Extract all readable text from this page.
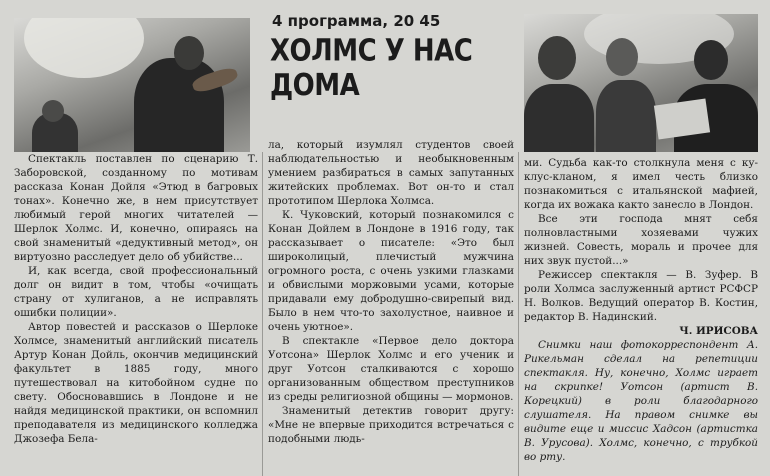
4 программа, 20 45
ХОЛМС У НАС ДОМА

Спектакль поставлен по сценарию Т. Заборовской, созданному по мотивам рассказа Конан Дойля «Этюд в багровых тонах». Конечно же, в нем присутствует любимый герой многих читателей — Шерлок Холмс. И, конечно, опираясь на свой знаменитый «дедуктивный метод», он виртуозно расследует дело об убийстве...

И, как всегда, свой профессиональный долг он видит в том, чтобы «очищать страну от хулиганов, а не исправлять ошибки полиции».

Автор повестей и рассказов о Шерлоке Холмсе, знаменитый английский писатель Артур Конан Дойль, окончив медицинский факультет в 1885 году, много путешествовал на китобойном судне по свету. Обосновавшись в Лондоне и не найдя медицинской практики, он вспомнил преподавателя из медицинского колледжа Джозефа Бела-

ла, который изумлял студентов своей наблюдательностью и необыкновенным умением разбираться в самых запутанных житейских проблемах. Вот он-то и стал прототипом Шерлока Холмса.

К. Чуковский, который познакомился с Конан Дойлем в Лондоне в 1916 году, так рассказывает о писателе: «Это был широколицый, плечистый мужчина огромного роста, с очень узкими глазками и обвислыми моржовыми усами, которые придавали ему добродушно-свирепый вид. Было в нем что-то захолустное, наивное и очень уютное».

В спектакле «Первое дело доктора Уотсона» Шерлок Холмс и его ученик и друг Уотсон сталкиваются с хорошо организованным обществом преступников из среды религиозной общины — мормонов.

Знаменитый детектив говорит другу: «Мне не впервые приходится встречаться с подобными людь-

ми. Судьба как-то столкнула меня с ку-клус-кланом, я имел честь близко познакомиться с итальянской мафией, когда их вожака както занесло в Лондон.

Все эти господа мнят себя полновластными хозяевами чужих жизней. Совесть, мораль и прочее для них звук пустой...»

Режиссер спектакля — В. Зуфер. В роли Холмса заслуженный артист РСФСР Н. Волков. Ведущий оператор В. Костин, редактор В. Надинский.

Ч. ИРИСОВА

Снимки наш фотокорреспондент А. Рикельман сделал на репетиции спектакля. Ну, конечно, Холмс играет на скрипке! Уотсон (артист В. Корецкий) в роли благодарного слушателя. На правом снимке вы видите еще и миссис Хадсон (артистка В. Урусова). Холмс, конечно, с трубкой во рту.
